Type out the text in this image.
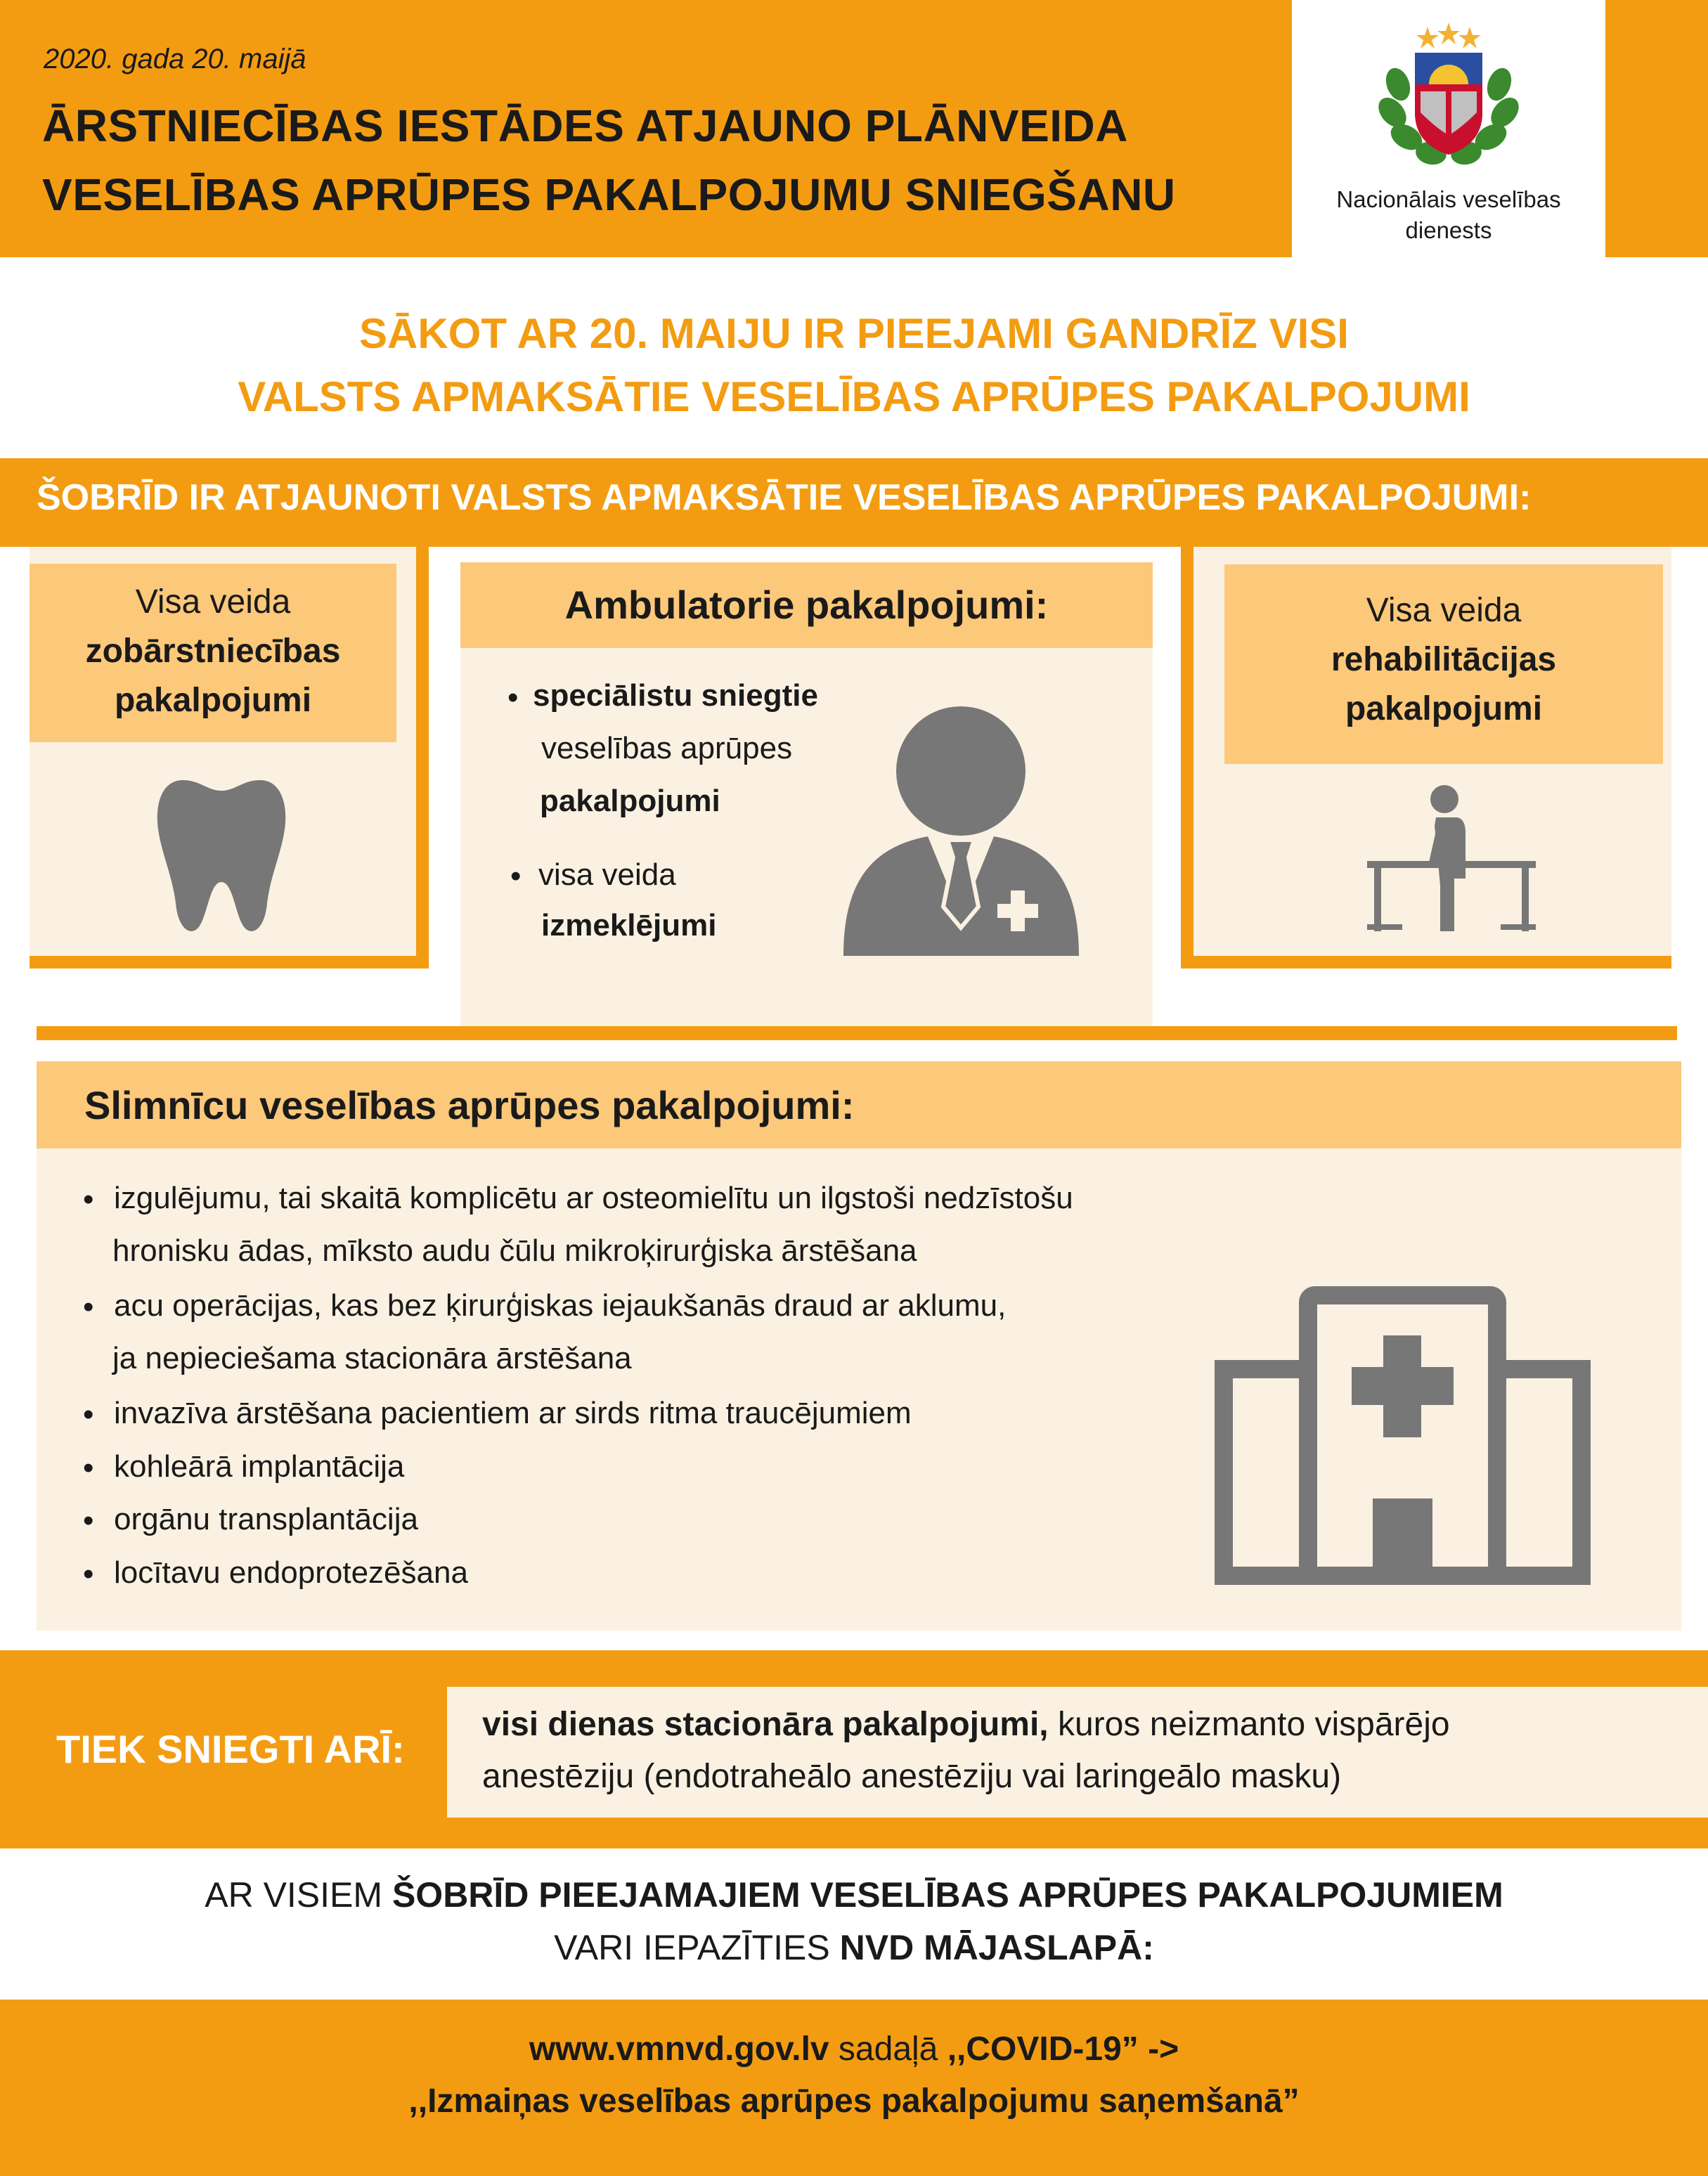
Nacionālais veselības
dienests
2020. gada 20. maijā
ĀRSTNIECĪBAS IESTĀDES ATJAUNO PLĀNVEIDA
VESELĪBAS APRŪPES PAKALPOJUMU SNIEGŠANU
SĀKOT AR 20. MAIJU IR PIEEJAMI GANDRĪZ VISI
VALSTS APMAKSĀTIE VESELĪBAS APRŪPES PAKALPOJUMI
ŠOBRĪD IR ATJAUNOTI VALSTS APMAKSĀTIE VESELĪBAS APRŪPES PAKALPOJUMI:
Visa veida
zobārstniecības
pakalpojumi
Ambulatorie pakalpojumi:
• speciālistu sniegtie
veselības aprūpes
pakalpojumi
• visa veida
izmeklējumi
Visa veida
rehabilitācijas
pakalpojumi
Slimnīcu veselības aprūpes pakalpojumi:
• izgulējumu, tai skaitā komplicētu ar osteomielītu un ilgstoši nedzīstošu
hronisku ādas, mīksto audu čūlu mikroķirurģiska ārstēšana
• acu operācijas, kas bez ķirurģiskas iejaukšanās draud ar aklumu,
ja nepieciešama stacionāra ārstēšana
• invazīva ārstēšana pacientiem ar sirds ritma traucējumiem
• kohleārā implantācija
• orgānu transplantācija
• locītavu endoprotezēšana
TIEK SNIEGTI ARĪ:
visi dienas stacionāra pakalpojumi, kuros neizmanto vispārējo
anestēziju (endotraheālo anestēziju vai laringeālo masku)
AR VISIEM ŠOBRĪD PIEEJAMAJIEM VESELĪBAS APRŪPES PAKALPOJUMIEM
VARI IEPAZĪTIES NVD MĀJASLAPĀ:
www.vmnvd.gov.lv sadaļā ,,COVID-19” ->
,,Izmaiņas veselības aprūpes pakalpojumu saņemšanā”
